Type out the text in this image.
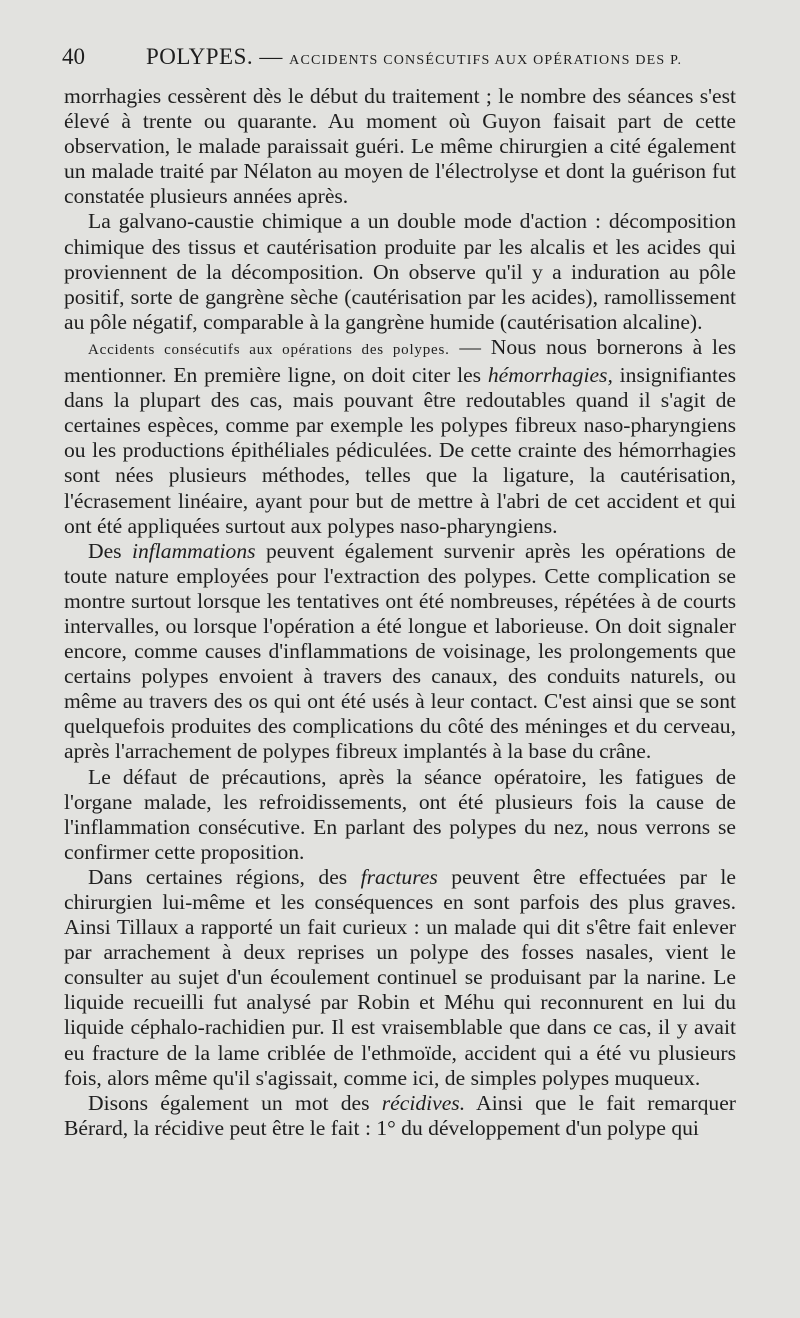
40	POLYPES. — ACCIDENTS CONSÉCUTIFS AUX OPÉRATIONS DES P.

morrhagies cessèrent dès le début du traitement ; le nombre des séances s'est élevé à trente ou quarante. Au moment où Guyon faisait part de cette observation, le malade paraissait guéri. Le même chirurgien a cité également un malade traité par Nélaton au moyen de l'électrolyse et dont la guérison fut constatée plusieurs années après.

La galvano-caustie chimique a un double mode d'action : décomposition chimique des tissus et cautérisation produite par les alcalis et les acides qui proviennent de la décomposition. On observe qu'il y a induration au pôle positif, sorte de gangrène sèche (cautérisation par les acides), ramollissement au pôle négatif, comparable à la gangrène humide (cautérisation alcaline).

Accidents consécutifs aux opérations des polypes. — Nous nous bornerons à les mentionner. En première ligne, on doit citer les hémorrhagies, insignifiantes dans la plupart des cas, mais pouvant être redoutables quand il s'agit de certaines espèces, comme par exemple les polypes fibreux naso-pharyngiens ou les productions épithéliales pédiculées. De cette crainte des hémorrhagies sont nées plusieurs méthodes, telles que la ligature, la cautérisation, l'écrasement linéaire, ayant pour but de mettre à l'abri de cet accident et qui ont été appliquées surtout aux polypes naso-pharyngiens.

Des inflammations peuvent également survenir après les opérations de toute nature employées pour l'extraction des polypes. Cette complication se montre surtout lorsque les tentatives ont été nombreuses, répétées à de courts intervalles, ou lorsque l'opération a été longue et laborieuse. On doit signaler encore, comme causes d'inflammations de voisinage, les prolongements que certains polypes envoient à travers des canaux, des conduits naturels, ou même au travers des os qui ont été usés à leur contact. C'est ainsi que se sont quelquefois produites des complications du côté des méninges et du cerveau, après l'arrachement de polypes fibreux implantés à la base du crâne.

Le défaut de précautions, après la séance opératoire, les fatigues de l'organe malade, les refroidissements, ont été plusieurs fois la cause de l'inflammation consécutive. En parlant des polypes du nez, nous verrons se confirmer cette proposition.

Dans certaines régions, des fractures peuvent être effectuées par le chirurgien lui-même et les conséquences en sont parfois des plus graves. Ainsi Tillaux a rapporté un fait curieux : un malade qui dit s'être fait enlever par arrachement à deux reprises un polype des fosses nasales, vient le consulter au sujet d'un écoulement continuel se produisant par la narine. Le liquide recueilli fut analysé par Robin et Méhu qui reconnurent en lui du liquide céphalo-rachidien pur. Il est vraisemblable que dans ce cas, il y avait eu fracture de la lame criblée de l'ethmoïde, accident qui a été vu plusieurs fois, alors même qu'il s'agissait, comme ici, de simples polypes muqueux.

Disons également un mot des récidives. Ainsi que le fait remarquer Bérard, la récidive peut être le fait : 1° du développement d'un polype qui
